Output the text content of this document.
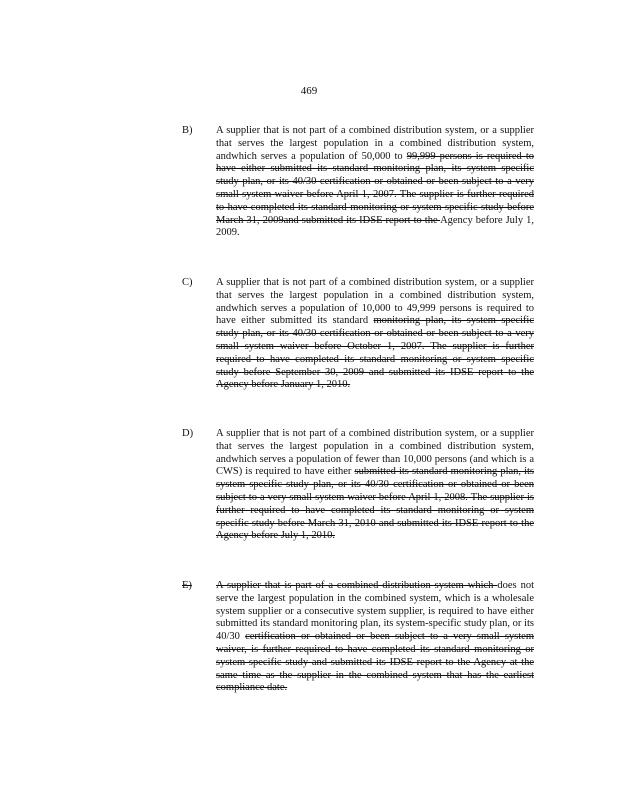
469
B) A supplier that is not part of a combined distribution system, or a supplier that serves the largest population in a combined distribution system, andwhich serves a population of 50,000 to 99,999 persons is required to have either submitted its standard monitoring plan, its system specific study plan, or its 40/30 certification or obtained or been subject to a very small system waiver before April 1, 2007. The supplier is further required to have completed its standard monitoring or system specific study before March 31, 2009and submitted its IDSE report to the Agency before July 1, 2009.
C) A supplier that is not part of a combined distribution system, or a supplier that serves the largest population in a combined distribution system, andwhich serves a population of 10,000 to 49,999 persons is required to have either submitted its standard monitoring plan, its system specific study plan, or its 40/30 certification or obtained or been subject to a very small system waiver before October 1, 2007. The supplier is further required to have completed its standard monitoring or system specific study before September 30, 2009 and submitted its IDSE report to the Agency before January 1, 2010.
D) A supplier that is not part of a combined distribution system, or a supplier that serves the largest population in a combined distribution system, andwhich serves a population of fewer than 10,000 persons (and which is a CWS) is required to have either submitted its standard monitoring plan, its system specific study plan, or its 40/30 certification or obtained or been subject to a very small system waiver before April 1, 2008. The supplier is further required to have completed its standard monitoring or system specific study before March 31, 2010 and submitted its IDSE report to the Agency before July 1, 2010.
E) A supplier that is part of a combined distribution system which does not serve the largest population in the combined system, which is a wholesale system supplier or a consecutive system supplier, is required to have either submitted its standard monitoring plan, its system-specific study plan, or its 40/30 certification or obtained or been subject to a very small system waiver, is further required to have completed its standard monitoring or system specific study and submitted its IDSE report to the Agency at the same time as the supplier in the combined system that has the earliest compliance date.
